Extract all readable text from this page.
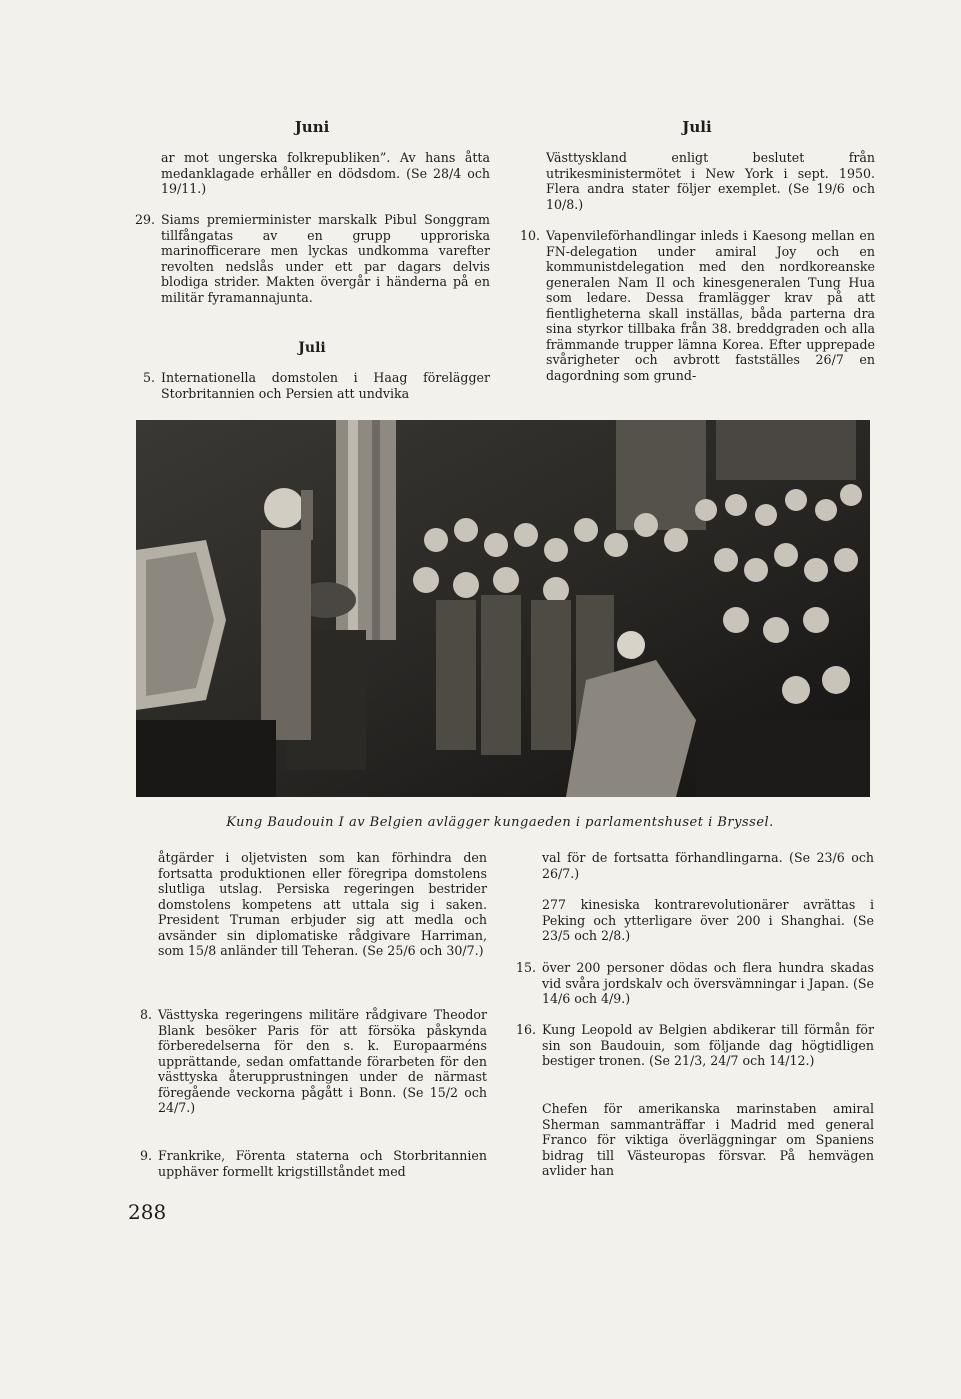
Juni	Juli
ar mot ungerska folkrepubliken”. Av hans åtta medanklagade erhåller en dödsdom. (Se 28/4 och 19/11.)
29. Siams premierminister marskalk Pibul Songgram tillfångatas av en grupp upproriska marinofficerare men lyckas undkomma varefter revolten nedslås under ett par dagars delvis blodiga strider. Makten övergår i händerna på en militär fyramannajunta.
Juli
5. Internationella domstolen i Haag förelägger Storbritannien och Persien att undvika
Västtyskland enligt beslutet från utrikesministermötet i New York i sept. 1950. Flera andra stater följer exemplet. (Se 19/6 och 10/8.)
10. Vapenvileförhandlingar inleds i Kaesong mellan en FN-delegation under amiral Joy och en kommunistdelegation med den nordkoreanske generalen Nam Il och kinesgeneralen Tung Hua som ledare. Dessa framlägger krav på att fientligheterna skall inställas, båda parterna dra sina styrkor tillbaka från 38. breddgraden och alla främmande trupper lämna Korea. Efter upprepade svårigheter och avbrott fastställes 26/7 en dagordning som grund-
Kung Baudouin I av Belgien avlägger kungaeden i parlamentshuset i Bryssel.
åtgärder i oljetvisten som kan förhindra den fortsatta produktionen eller föregripa domstolens slutliga utslag. Persiska regeringen bestrider domstolens kompetens att uttala sig i saken. President Truman erbjuder sig att medla och avsänder sin diplomatiske rådgivare Harriman, som 15/8 anländer till Teheran. (Se 25/6 och 30/7.)
8. Västtyska regeringens militäre rådgivare Theodor Blank besöker Paris för att försöka påskynda förberedelserna för den s. k. Europaarméns upprättande, sedan omfattande förarbeten för den västtyska återupprustningen under de närmast föregående veckorna pågått i Bonn. (Se 15/2 och 24/7.)
9. Frankrike, Förenta staterna och Storbritannien upphäver formellt krigstillståndet med
val för de fortsatta förhandlingarna. (Se 23/6 och 26/7.)
277 kinesiska kontrarevolutionärer avrättas i Peking och ytterligare över 200 i Shanghai. (Se 23/5 och 2/8.)
15. över 200 personer dödas och flera hundra skadas vid svåra jordskalv och översvämningar i Japan. (Se 14/6 och 4/9.)
16. Kung Leopold av Belgien abdikerar till förmån för sin son Baudouin, som följande dag högtidligen bestiger tronen. (Se 21/3, 24/7 och 14/12.)
Chefen för amerikanska marinstaben amiral Sherman sammanträffar i Madrid med general Franco för viktiga överläggningar om Spaniens bidrag till Västeuropas försvar. På hemvägen avlider han
288
